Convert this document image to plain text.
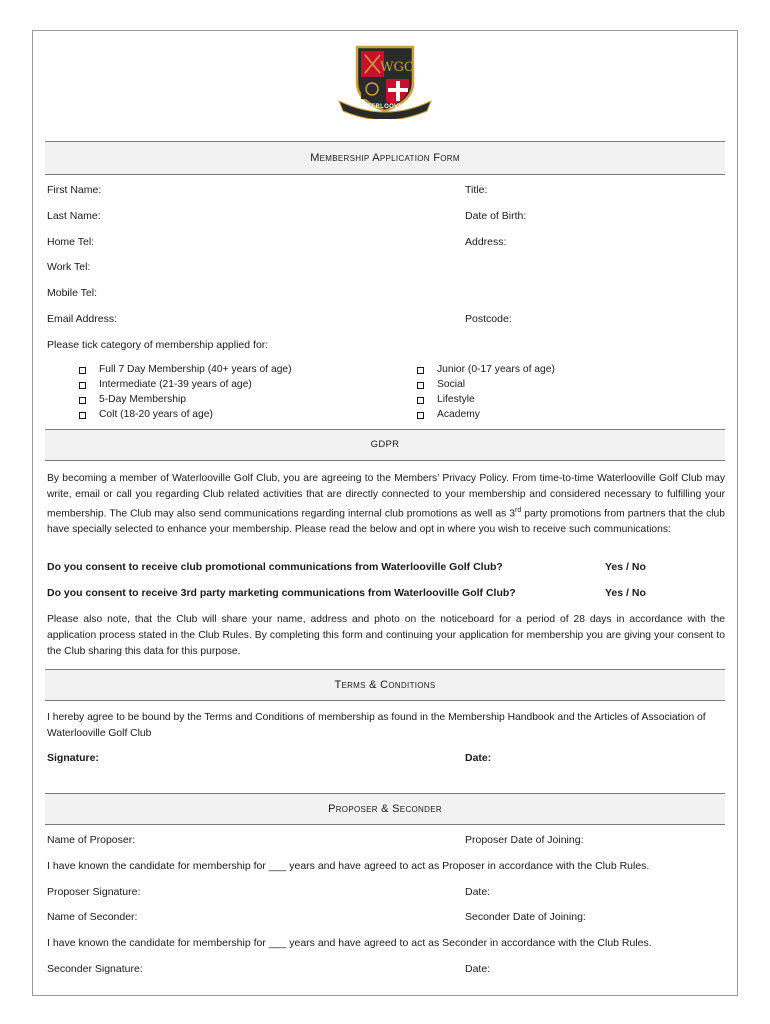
WGC
WATERLOOVILLE
Membership Application Form
First Name:	Title:
Last Name:	Date of Birth:
Home Tel:	Address:
Work Tel:
Mobile Tel:
Email Address:	Postcode:
Please tick category of membership applied for:
Full 7 Day Membership (40+ years of age)
Intermediate (21-39 years of age)
5-Day Membership
Colt (18-20 years of age)
Junior (0-17 years of age)
Social
Lifestyle
Academy
GDPR
By becoming a member of Waterlooville Golf Club, you are agreeing to the Members’ Privacy Policy. From time-to-time Waterlooville Golf Club may write, email or call you regarding Club related activities that are directly connected to your membership and considered necessary to fulfilling your membership. The Club may also send communications regarding internal club promotions as well as 3rd party promotions from partners that the club have specially selected to enhance your membership. Please read the below and opt in where you wish to receive such communications:
Do you consent to receive club promotional communications from Waterlooville Golf Club?	Yes / No
Do you consent to receive 3rd party marketing communications from Waterlooville Golf Club?	Yes / No
Please also note, that the Club will share your name, address and photo on the noticeboard for a period of 28 days in accordance with the application process stated in the Club Rules. By completing this form and continuing your application for membership you are giving your consent to the Club sharing this data for this purpose.
Terms & Conditions
I hereby agree to be bound by the Terms and Conditions of membership as found in the Membership Handbook and the Articles of Association of Waterlooville Golf Club
Signature:	Date:
Proposer & Seconder
Name of Proposer:	Proposer Date of Joining:
I have known the candidate for membership for ___ years and have agreed to act as Proposer in accordance with the Club Rules.
Proposer Signature:	Date:
Name of Seconder:	Seconder Date of Joining:
I have known the candidate for membership for ___ years and have agreed to act as Seconder in accordance with the Club Rules.
Seconder Signature:	Date:
